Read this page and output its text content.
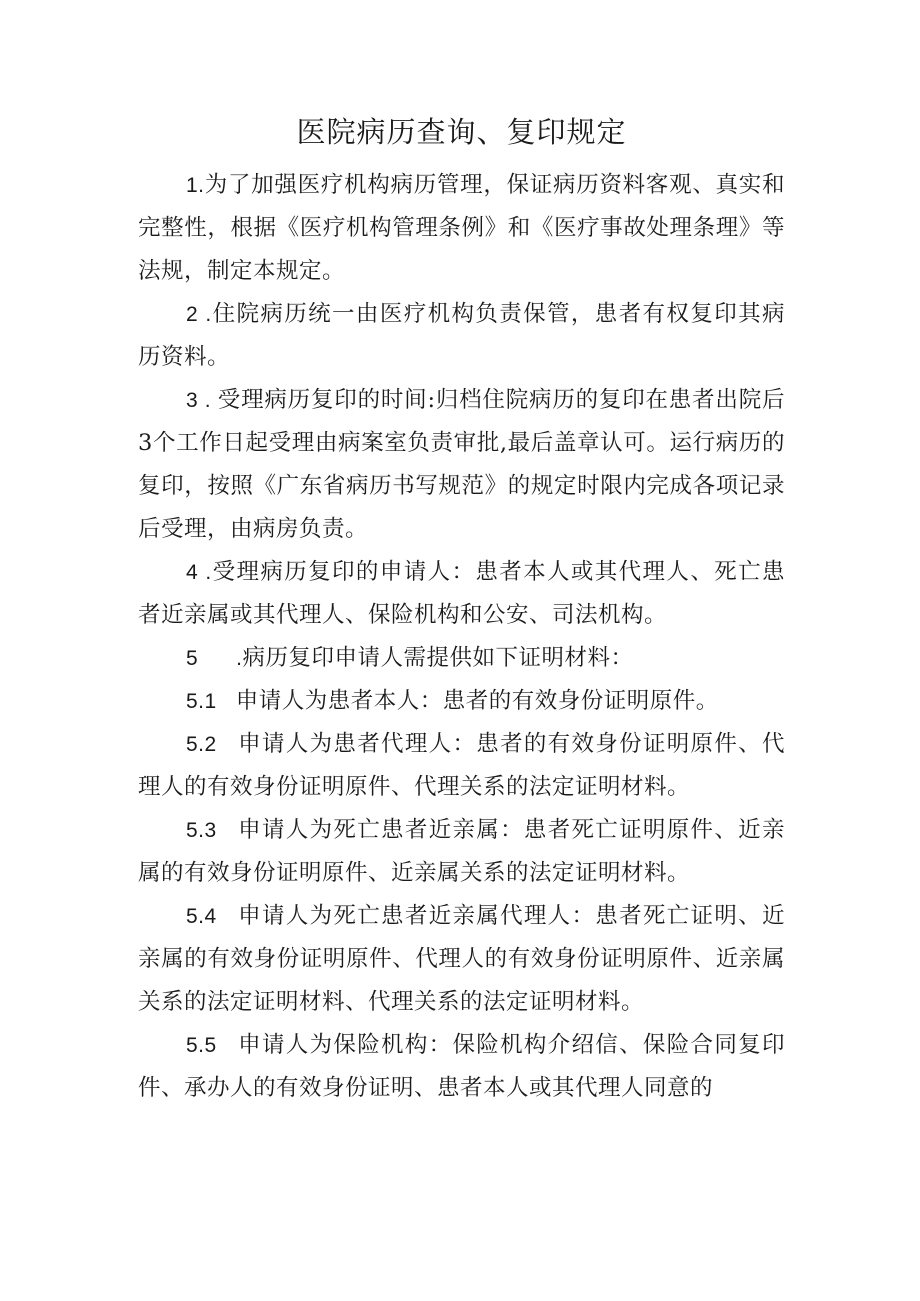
医院病历查询、复印规定

1.为了加强医疗机构病历管理，保证病历资料客观、真实和完整性，根据《医疗机构管理条例》和《医疗事故处理条理》等法规，制定本规定。

2 .住院病历统一由医疗机构负责保管，患者有权复印其病历资料。

3 . 受理病历复印的时间:归档住院病历的复印在患者出院后3个工作日起受理由病案室负责审批,最后盖章认可。运行病历的复印，按照《广东省病历书写规范》的规定时限内完成各项记录后受理，由病房负责。

4 .受理病历复印的申请人：患者本人或其代理人、死亡患者近亲属或其代理人、保险机构和公安、司法机构。

5      .病历复印申请人需提供如下证明材料：

5.1   申请人为患者本人：患者的有效身份证明原件。

5.2   申请人为患者代理人：患者的有效身份证明原件、代理人的有效身份证明原件、代理关系的法定证明材料。

5.3   申请人为死亡患者近亲属：患者死亡证明原件、近亲属的有效身份证明原件、近亲属关系的法定证明材料。

5.4   申请人为死亡患者近亲属代理人：患者死亡证明、近亲属的有效身份证明原件、代理人的有效身份证明原件、近亲属关系的法定证明材料、代理关系的法定证明材料。

5.5   申请人为保险机构：保险机构介绍信、保险合同复印件、承办人的有效身份证明、患者本人或其代理人同意的
